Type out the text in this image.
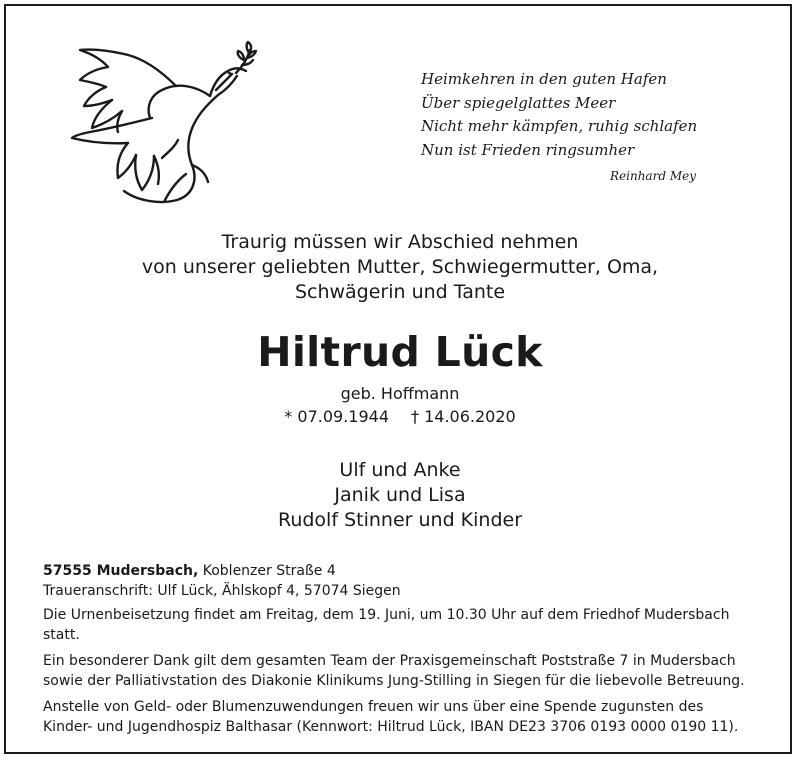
Heimkehren in den guten Hafen
Über spiegelglattes Meer
Nicht mehr kämpfen, ruhig schlafen
Nun ist Frieden ringsumher
Reinhard Mey
Traurig müssen wir Abschied nehmen
von unserer geliebten Mutter, Schwiegermutter, Oma,
Schwägerin und Tante
Hiltrud Lück
geb. Hoffmann
* 07.09.1944 † 14.06.2020
Ulf und Anke
Janik und Lisa
Rudolf Stinner und Kinder

57555 Mudersbach, Koblenzer Straße 4
Traueranschrift: Ulf Lück, Ählskopf 4, 57074 Siegen

Die Urnenbeisetzung findet am Freitag, dem 19. Juni, um 10.30 Uhr auf dem Friedhof Mudersbach statt.

Ein besonderer Dank gilt dem gesamten Team der Praxisgemeinschaft Poststraße 7 in Mudersbach
sowie der Palliativstation des Diakonie Klinikums Jung-Stilling in Siegen für die liebevolle Betreuung.

Anstelle von Geld- oder Blumenzuwendungen freuen wir uns über eine Spende zugunsten des
Kinder- und Jugendhospiz Balthasar (Kennwort: Hiltrud Lück, IBAN DE23 3706 0193 0000 0190 11).
